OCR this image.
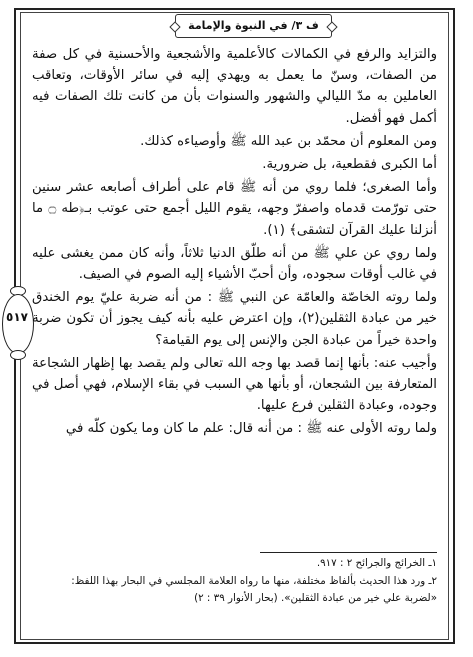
ف ٣/ في النبوة والإمامة
٥١٧

والتزايد والرفع في الكمالات كالأعلمية والأشجعية والأحسنية في كل صفة من الصفات، وسنّ ما يعمل به ويهدي إليه في سائر الأوقات، وتعاقب العاملين به مدّ الليالي والشهور والسنوات بأن من كانت تلك الصفات فيه أكمل فهو أفضل.

ومن المعلوم أن محمّد بن عبد الله ﷺ وأوصياءه كذلك.

أما الكبرى فقطعية، بل ضرورية.

وأما الصغرى؛ فلما روي من أنه ﷺ قام على أطراف أصابعه عشر سنين حتى تورّمت قدماه واصفرّ وجهه، يقوم الليل أجمع حتى عوتب بـ﴿طه ۝ ما أنزلنا عليك القرآن لتشقى﴾ (١).

ولما روي عن علي ﷺ من أنه طلّق الدنيا ثلاثاً، وأنه كان ممن يغشى عليه في غالب أوقات سجوده، وأن أحبّ الأشياء إليه الصوم في الصيف.

ولما روته الخاصّة والعامّة عن النبي ﷺ : من أنه ضربة عليّ يوم الخندق خير من عبادة الثقلين(٢)، وإن اعترض عليه بأنه كيف يجوز أن تكون ضربة واحدة خيراً من عبادة الجن والإنس إلى يوم القيامة؟

وأجيب عنه: بأنها إنما قصد بها وجه الله تعالى ولم يقصد بها إظهار الشجاعة المتعارفة بين الشجعان، أو بأنها هي السبب في بقاء الإسلام، فهي أصل في وجوده، وعبادة الثقلين فرع عليها.

ولما روته الأولى عنه ﷺ : من أنه قال: علم ما كان وما يكون كلّه في

١ـ الخرائج والجرائح ٢ : ٩١٧.

٢ـ ورد هذا الحديث بألفاظ مختلفة، منها ما رواه العلامة المجلسي في البحار بهذا اللفظ:

«لضربة علي خير من عبادة الثقلين». (بحار الأنوار ٣٩ : ٢)
